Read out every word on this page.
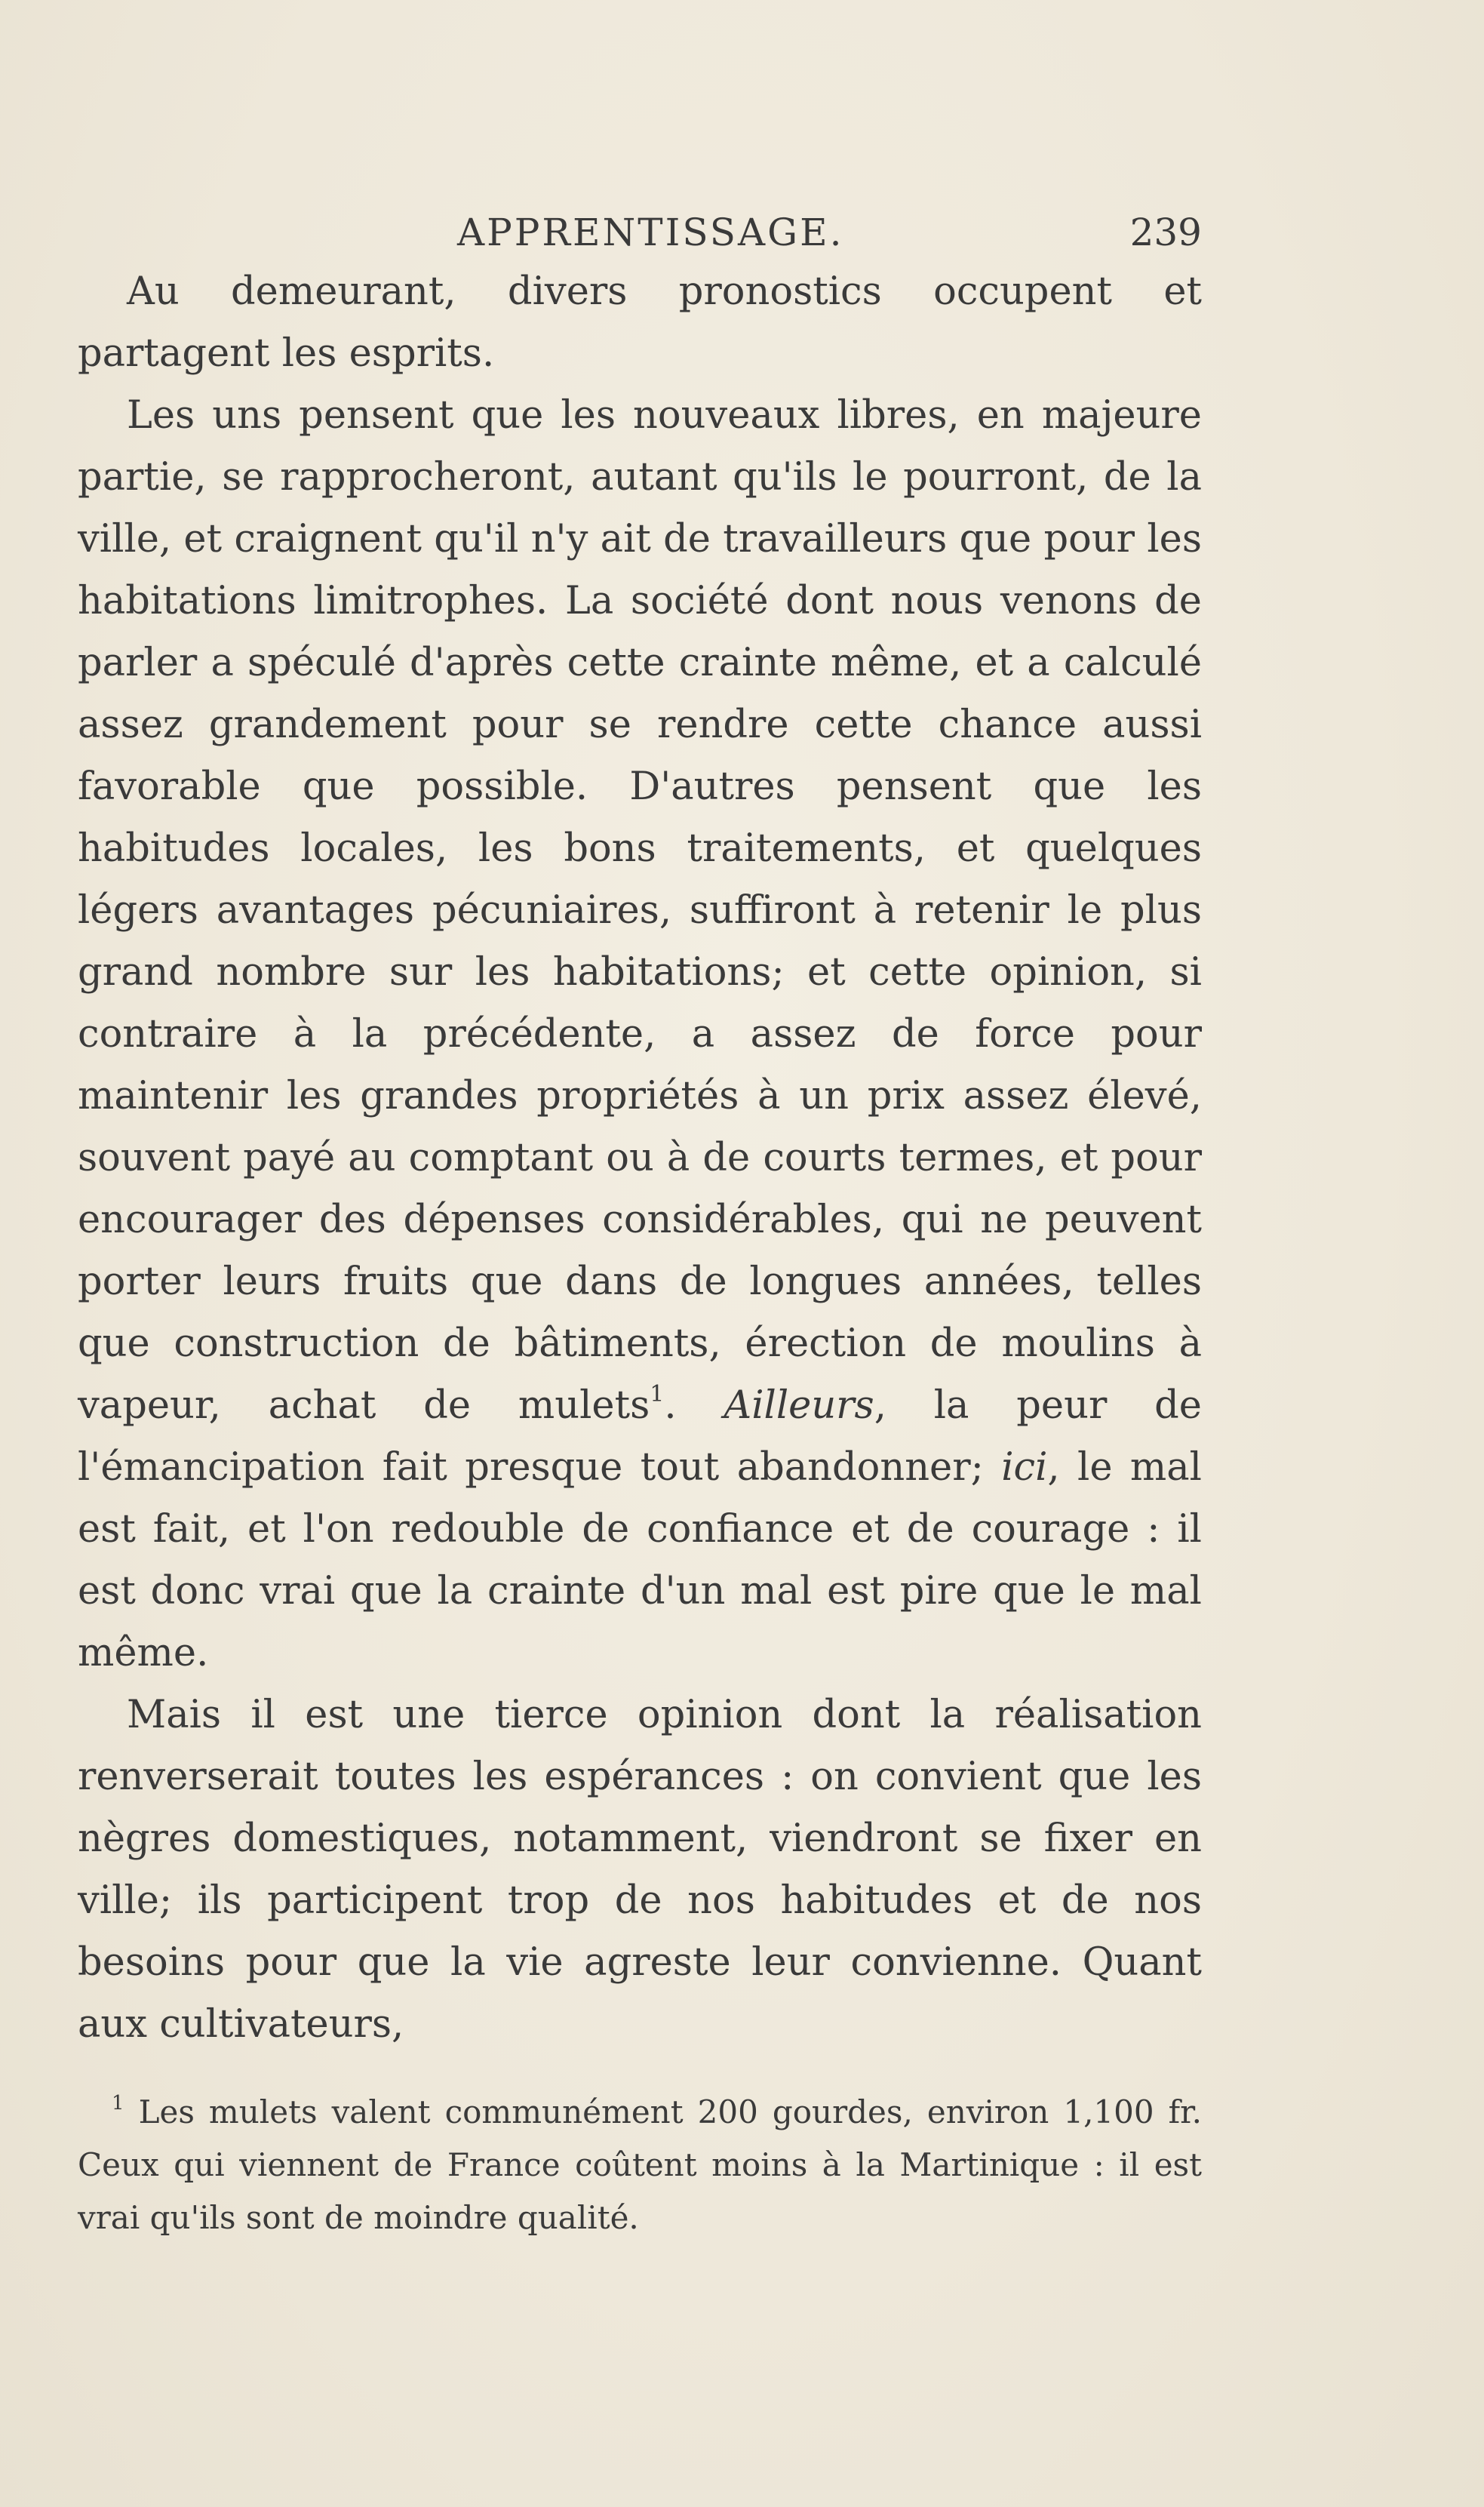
APPRENTISSAGE.	239

Au demeurant, divers pronostics occupent et partagent les esprits.

Les uns pensent que les nouveaux libres, en majeure partie, se rapprocheront, autant qu'ils le pourront, de la ville, et craignent qu'il n'y ait de travailleurs que pour les habitations limitrophes. La société dont nous venons de parler a spéculé d'après cette crainte même, et a calculé assez grandement pour se rendre cette chance aussi favorable que possible. D'autres pensent que les habitudes locales, les bons traitements, et quelques légers avantages pécuniaires, suffiront à retenir le plus grand nombre sur les habitations; et cette opinion, si contraire à la précédente, a assez de force pour maintenir les grandes propriétés à un prix assez élevé, souvent payé au comptant ou à de courts termes, et pour encourager des dépenses considérables, qui ne peuvent porter leurs fruits que dans de longues années, telles que construction de bâtiments, érection de moulins à vapeur, achat de mulets$^1$. Ailleurs, la peur de l'émancipation fait presque tout abandonner; ici, le mal est fait, et l'on redouble de confiance et de courage : il est donc vrai que la crainte d'un mal est pire que le mal même.

Mais il est une tierce opinion dont la réalisation renverserait toutes les espérances : on convient que les nègres domestiques, notamment, viendront se fixer en ville; ils participent trop de nos habitudes et de nos besoins pour que la vie agreste leur convienne. Quant aux cultivateurs,

$^1$ Les mulets valent communément 200 gourdes, environ 1,100 fr. Ceux qui viennent de France coûtent moins à la Martinique : il est vrai qu'ils sont de moindre qualité.
